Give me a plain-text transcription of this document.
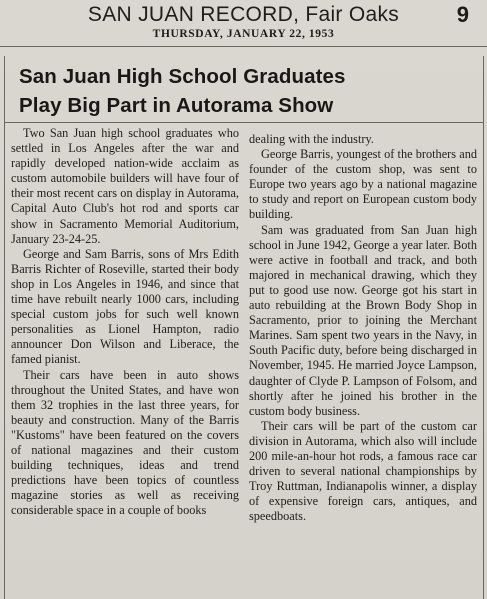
SAN JUAN RECORD, Fair Oaks	9
THURSDAY, JANUARY 22, 1953
San Juan High School Graduates
Play Big Part in Autorama Show

Two San Juan high school graduates who settled in Los Angeles after the war and rapidly developed nation-wide acclaim as custom automobile builders will have four of their most recent cars on display in Autorama, Capital Auto Club's hot rod and sports car show in Sacramento Memorial Auditorium, January 23-24-25.

George and Sam Barris, sons of Mrs Edith Barris Richter of Roseville, started their body shop in Los Angeles in 1946, and since that time have rebuilt nearly 1000 cars, including special custom jobs for such well known personalities as Lionel Hampton, radio announcer Don Wilson and Liberace, the famed pianist.

Their cars have been in auto shows throughout the United States, and have won them 32 trophies in the last three years, for beauty and construction. Many of the Barris "Kustoms" have been featured on the covers of national magazines and their custom building techniques, ideas and trend predictions have been topics of countless magazine stories as well as receiving considerable space in a couple of books

dealing with the industry.

George Barris, youngest of the brothers and founder of the custom shop, was sent to Europe two years ago by a national magazine to study and report on European custom body building.

Sam was graduated from San Juan high school in June 1942, George a year later. Both were active in football and track, and both majored in mechanical drawing, which they put to good use now. George got his start in auto rebuilding at the Brown Body Shop in Sacramento, prior to joining the Merchant Marines. Sam spent two years in the Navy, in South Pacific duty, before being discharged in November, 1945. He married Joyce Lampson, daughter of Clyde P. Lampson of Folsom, and shortly after he joined his brother in the custom body business.

Their cars will be part of the custom car division in Autorama, which also will include 200 mile-an-hour hot rods, a famous race car driven to several national championships by Troy Ruttman, Indianapolis winner, a display of expensive foreign cars, antiques, and speedboats.
